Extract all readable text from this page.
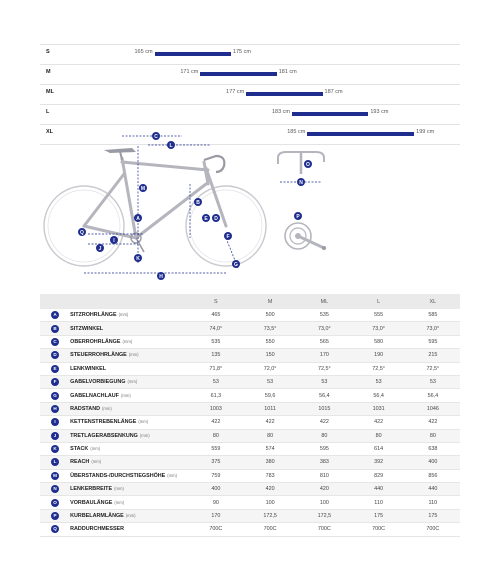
S	165 cm	175 cm
M	171 cm	181 cm
ML	177 cm	187 cm
L	183 cm	193 cm
XL	185 cm	199 cm
C
L
M
Q
I
A
K
B
E D
F
G
H
J
N
O
P
		S	M	ML	L	XL
A	SITZROHRLÄNGE (mm)	465	500	535	555	585
B	SITZWINKEL	74,0°	73,5°	73,0°	73,0°	73,0°
C	OBERROHRLÄNGE (mm)	535	550	565	580	595
D	STEUERROHRLÄNGE (mm)	135	150	170	190	215
E	LENKWINKEL	71,8°	72,0°	72,5°	72,5°	72,5°
F	GABELVORBIEGUNG (mm)	53	53	53	53	53
G	GABELNACHLAUF (mm)	61,3	59,6	56,4	56,4	56,4
H	RADSTAND (mm)	1003	1011	1015	1031	1046
I	KETTENSTREBENLÄNGE (mm)	422	422	422	422	422
J	TRETLAGERABSENKUNG (mm)	80	80	80	80	80
K	STACK (mm)	559	574	595	614	638
L	REACH (mm)	375	380	383	392	400
M	ÜBERSTANDS-/DURCHSTIEGSHÖHE (mm)	759	783	810	829	856
N	LENKERBREITE (mm)	400	420	420	440	440
O	VORBAULÄNGE (mm)	90	100	100	110	110
P	KURBELARMLÄNGE (mm)	170	172,5	172,5	175	175
Q	RADDURCHMESSER	700C	700C	700C	700C	700C
